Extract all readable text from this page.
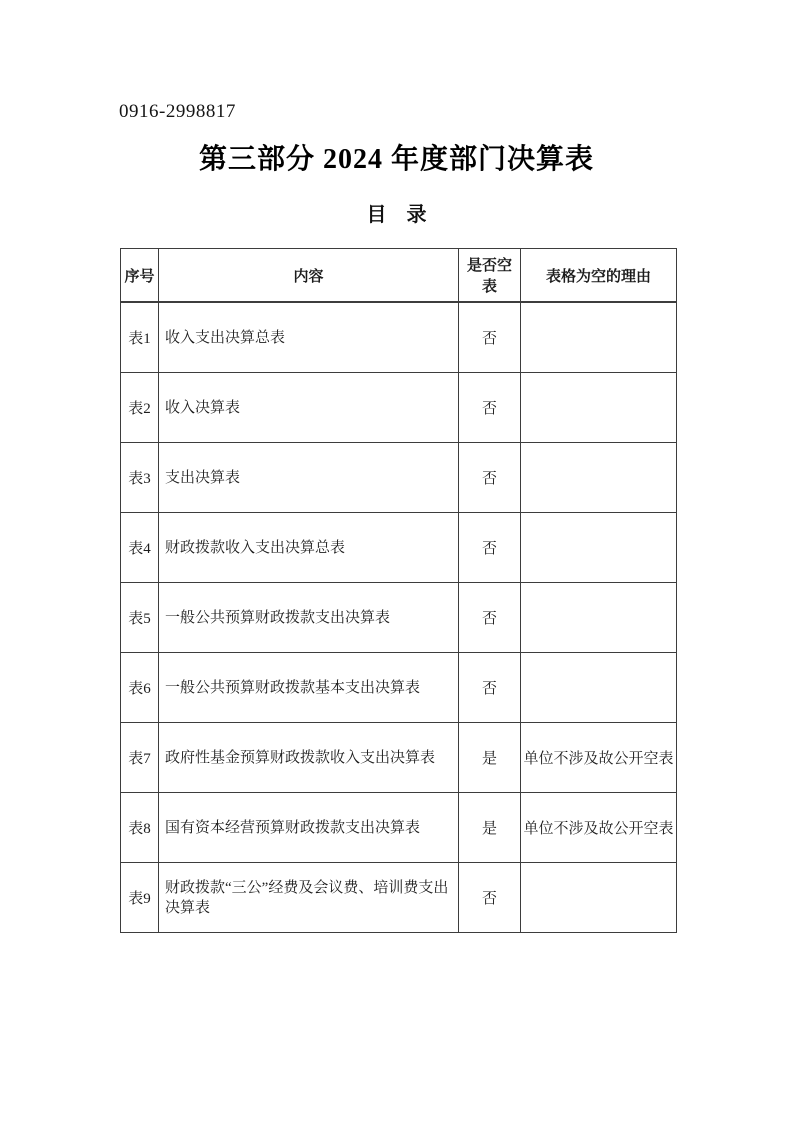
0916-2998817
第三部分 2024 年度部门决算表
目　录
序号	内容	是否空表	表格为空的理由
表1	收入支出决算总表	否	
表2	收入决算表	否	
表3	支出决算表	否	
表4	财政拨款收入支出决算总表	否	
表5	一般公共预算财政拨款支出决算表	否	
表6	一般公共预算财政拨款基本支出决算表	否	
表7	政府性基金预算财政拨款收入支出决算表	是	单位不涉及故公开空表
表8	国有资本经营预算财政拨款支出决算表	是	单位不涉及故公开空表
表9	财政拨款“三公”经费及会议费、培训费支出决算表	否	
